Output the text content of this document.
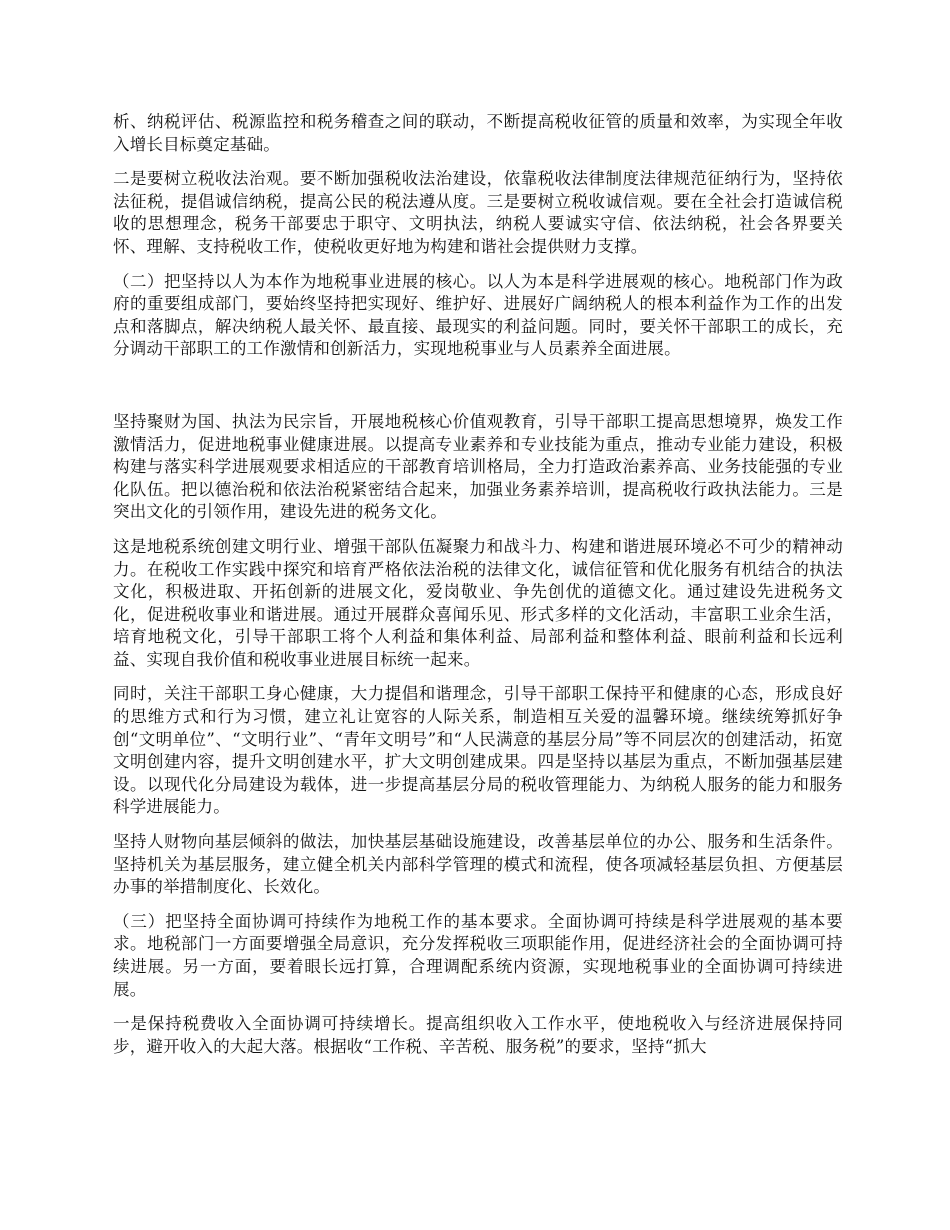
析、纳税评估、税源监控和税务稽查之间的联动，不断提高税收征管的质量和效率，为实现全年收入增长目标奠定基础。

二是要树立税收法治观。要不断加强税收法治建设，依靠税收法律制度法律规范征纳行为，坚持依法征税，提倡诚信纳税，提高公民的税法遵从度。三是要树立税收诚信观。要在全社会打造诚信税收的思想理念，税务干部要忠于职守、文明执法，纳税人要诚实守信、依法纳税，社会各界要关怀、理解、支持税收工作，使税收更好地为构建和谐社会提供财力支撑。

（二）把坚持以人为本作为地税事业进展的核心。以人为本是科学进展观的核心。地税部门作为政府的重要组成部门，要始终坚持把实现好、维护好、进展好广阔纳税人的根本利益作为工作的出发点和落脚点，解决纳税人最关怀、最直接、最现实的利益问题。同时，要关怀干部职工的成长，充分调动干部职工的工作激情和创新活力，实现地税事业与人员素养全面进展。

坚持聚财为国、执法为民宗旨，开展地税核心价值观教育，引导干部职工提高思想境界，焕发工作激情活力，促进地税事业健康进展。以提高专业素养和专业技能为重点，推动专业能力建设，积极构建与落实科学进展观要求相适应的干部教育培训格局，全力打造政治素养高、业务技能强的专业化队伍。把以德治税和依法治税紧密结合起来，加强业务素养培训，提高税收行政执法能力。三是突出文化的引领作用，建设先进的税务文化。

这是地税系统创建文明行业、增强干部队伍凝聚力和战斗力、构建和谐进展环境必不可少的精神动力。在税收工作实践中探究和培育严格依法治税的法律文化，诚信征管和优化服务有机结合的执法文化，积极进取、开拓创新的进展文化，爱岗敬业、争先创优的道德文化。通过建设先进税务文化，促进税收事业和谐进展。通过开展群众喜闻乐见、形式多样的文化活动，丰富职工业余生活，培育地税文化，引导干部职工将个人利益和集体利益、局部利益和整体利益、眼前利益和长远利益、实现自我价值和税收事业进展目标统一起来。

同时，关注干部职工身心健康，大力提倡和谐理念，引导干部职工保持平和健康的心态，形成良好的思维方式和行为习惯，建立礼让宽容的人际关系，制造相互关爱的温馨环境。继续统筹抓好争创“文明单位”、“文明行业”、“青年文明号”和“人民满意的基层分局”等不同层次的创建活动，拓宽文明创建内容，提升文明创建水平，扩大文明创建成果。四是坚持以基层为重点，不断加强基层建设。以现代化分局建设为载体，进一步提高基层分局的税收管理能力、为纳税人服务的能力和服务科学进展能力。

坚持人财物向基层倾斜的做法，加快基层基础设施建设，改善基层单位的办公、服务和生活条件。坚持机关为基层服务，建立健全机关内部科学管理的模式和流程，使各项减轻基层负担、方便基层办事的举措制度化、长效化。

（三）把坚持全面协调可持续作为地税工作的基本要求。全面协调可持续是科学进展观的基本要求。地税部门一方面要增强全局意识，充分发挥税收三项职能作用，促进经济社会的全面协调可持续进展。另一方面，要着眼长远打算，合理调配系统内资源，实现地税事业的全面协调可持续进展。

一是保持税费收入全面协调可持续增长。提高组织收入工作水平，使地税收入与经济进展保持同步，避开收入的大起大落。根据收“工作税、辛苦税、服务税”的要求，坚持“抓大
